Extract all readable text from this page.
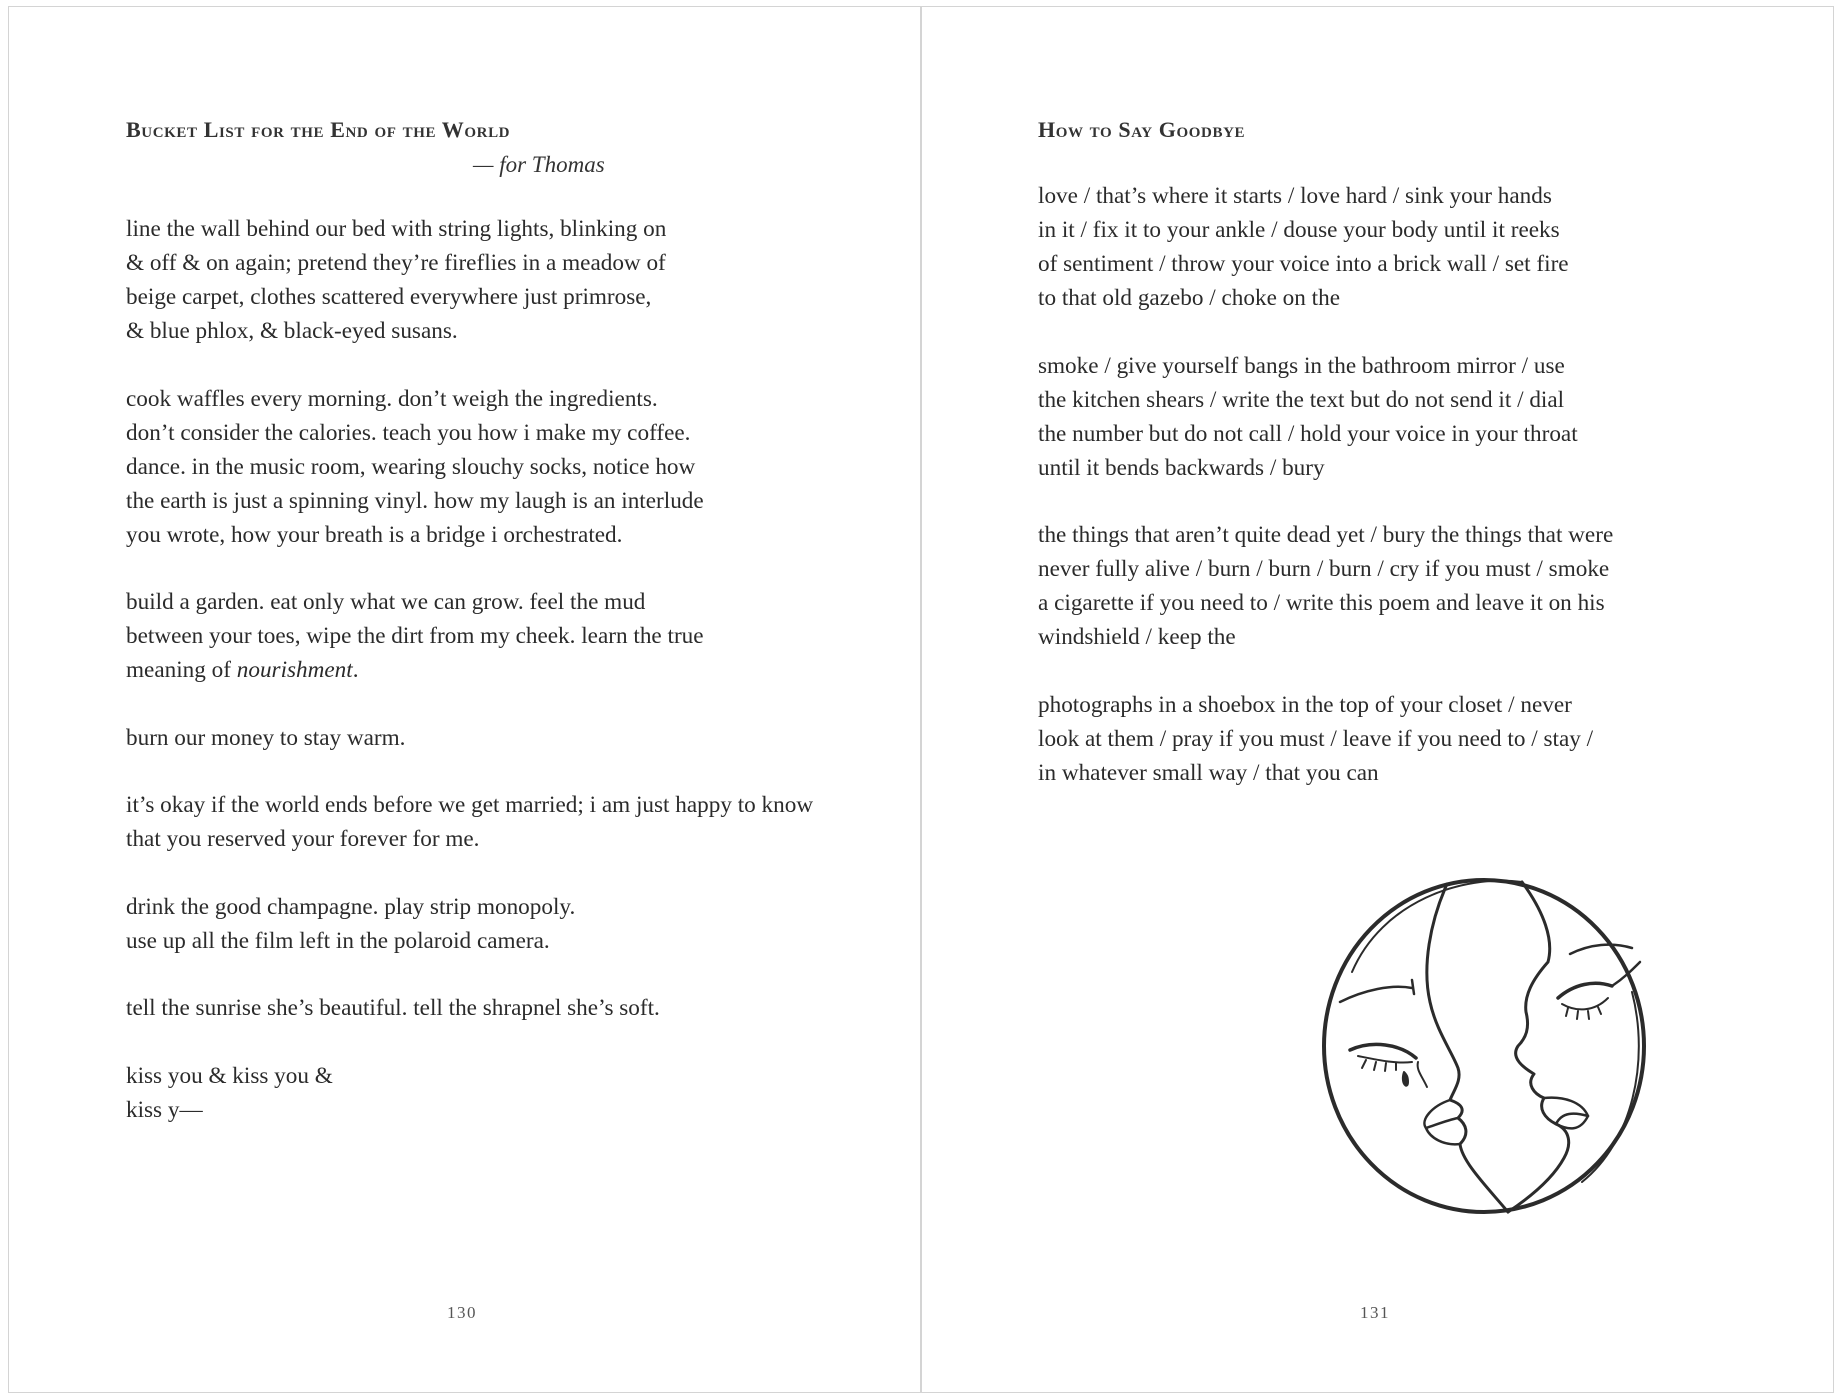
Bucket List for the End of the World
— for Thomas
line the wall behind our bed with string lights, blinking on
& off & on again; pretend they’re fireflies in a meadow of
beige carpet, clothes scattered everywhere just primrose,
& blue phlox, & black-eyed susans.
cook waffles every morning. don’t weigh the ingredients.
don’t consider the calories. teach you how i make my coffee.
dance. in the music room, wearing slouchy socks, notice how
the earth is just a spinning vinyl. how my laugh is an interlude
you wrote, how your breath is a bridge i orchestrated.
build a garden. eat only what we can grow. feel the mud
between your toes, wipe the dirt from my cheek. learn the true
meaning of nourishment.
burn our money to stay warm.
it’s okay if the world ends before we get married; i am just happy to know
that you reserved your forever for me.
drink the good champagne. play strip monopoly.
use up all the film left in the polaroid camera.
tell the sunrise she’s beautiful. tell the shrapnel she’s soft.
kiss you & kiss you &
kiss y—
130
How to Say Goodbye
love / that’s where it starts / love hard / sink your hands
in it / fix it to your ankle / douse your body until it reeks
of sentiment / throw your voice into a brick wall / set fire
to that old gazebo / choke on the
smoke / give yourself bangs in the bathroom mirror / use
the kitchen shears / write the text but do not send it / dial
the number but do not call / hold your voice in your throat
until it bends backwards / bury
the things that aren’t quite dead yet / bury the things that were
never fully alive / burn / burn / burn / cry if you must / smoke
a cigarette if you need to / write this poem and leave it on his
windshield / keep the
photographs in a shoebox in the top of your closet / never
look at them / pray if you must / leave if you need to / stay /
in whatever small way / that you can
131
